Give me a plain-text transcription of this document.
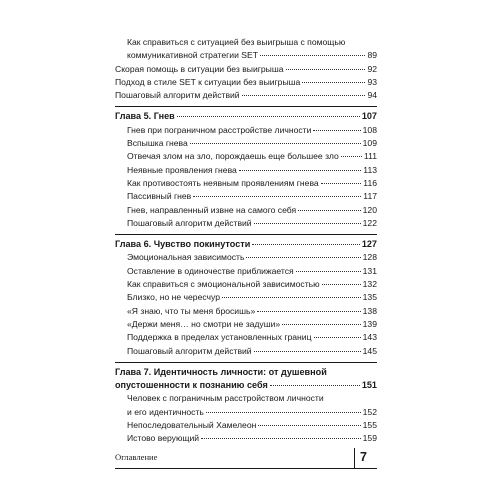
Как справиться с ситуацией без выигрыша с помощью
коммуникативной стратегии SET	89
Скорая помощь в ситуации без выигрыша	92
Подход в стиле SET к ситуации без выигрыша	93
Пошаговый алгоритм действий	94
Глава 5. Гнев	107
Гнев при пограничном расстройстве личности	108
Вспышка гнева	109
Отвечая злом на зло, порождаешь еще большее зло	111
Неявные проявления гнева	113
Как противостоять неявным проявлениям гнева	116
Пассивный гнев	117
Гнев, направленный извне на самого себя	120
Пошаговый алгоритм действий	122
Глава 6. Чувство покинутости	127
Эмоциональная зависимость	128
Оставление в одиночестве приближается	131
Как справиться с эмоциональной зависимостью	132
Близко, но не чересчур	135
«Я знаю, что ты меня бросишь»	138
«Держи меня… но смотри не задуши»	139
Поддержка в пределах установленных границ	143
Пошаговый алгоритм действий	145
Глава 7. Идентичность личности: от душевной
опустошенности к познанию себя	151
Человек с пограничным расстройством личности
и его идентичность	152
Непоследовательный Хамелеон	155
Истово верующий	159
Оглавление	7
